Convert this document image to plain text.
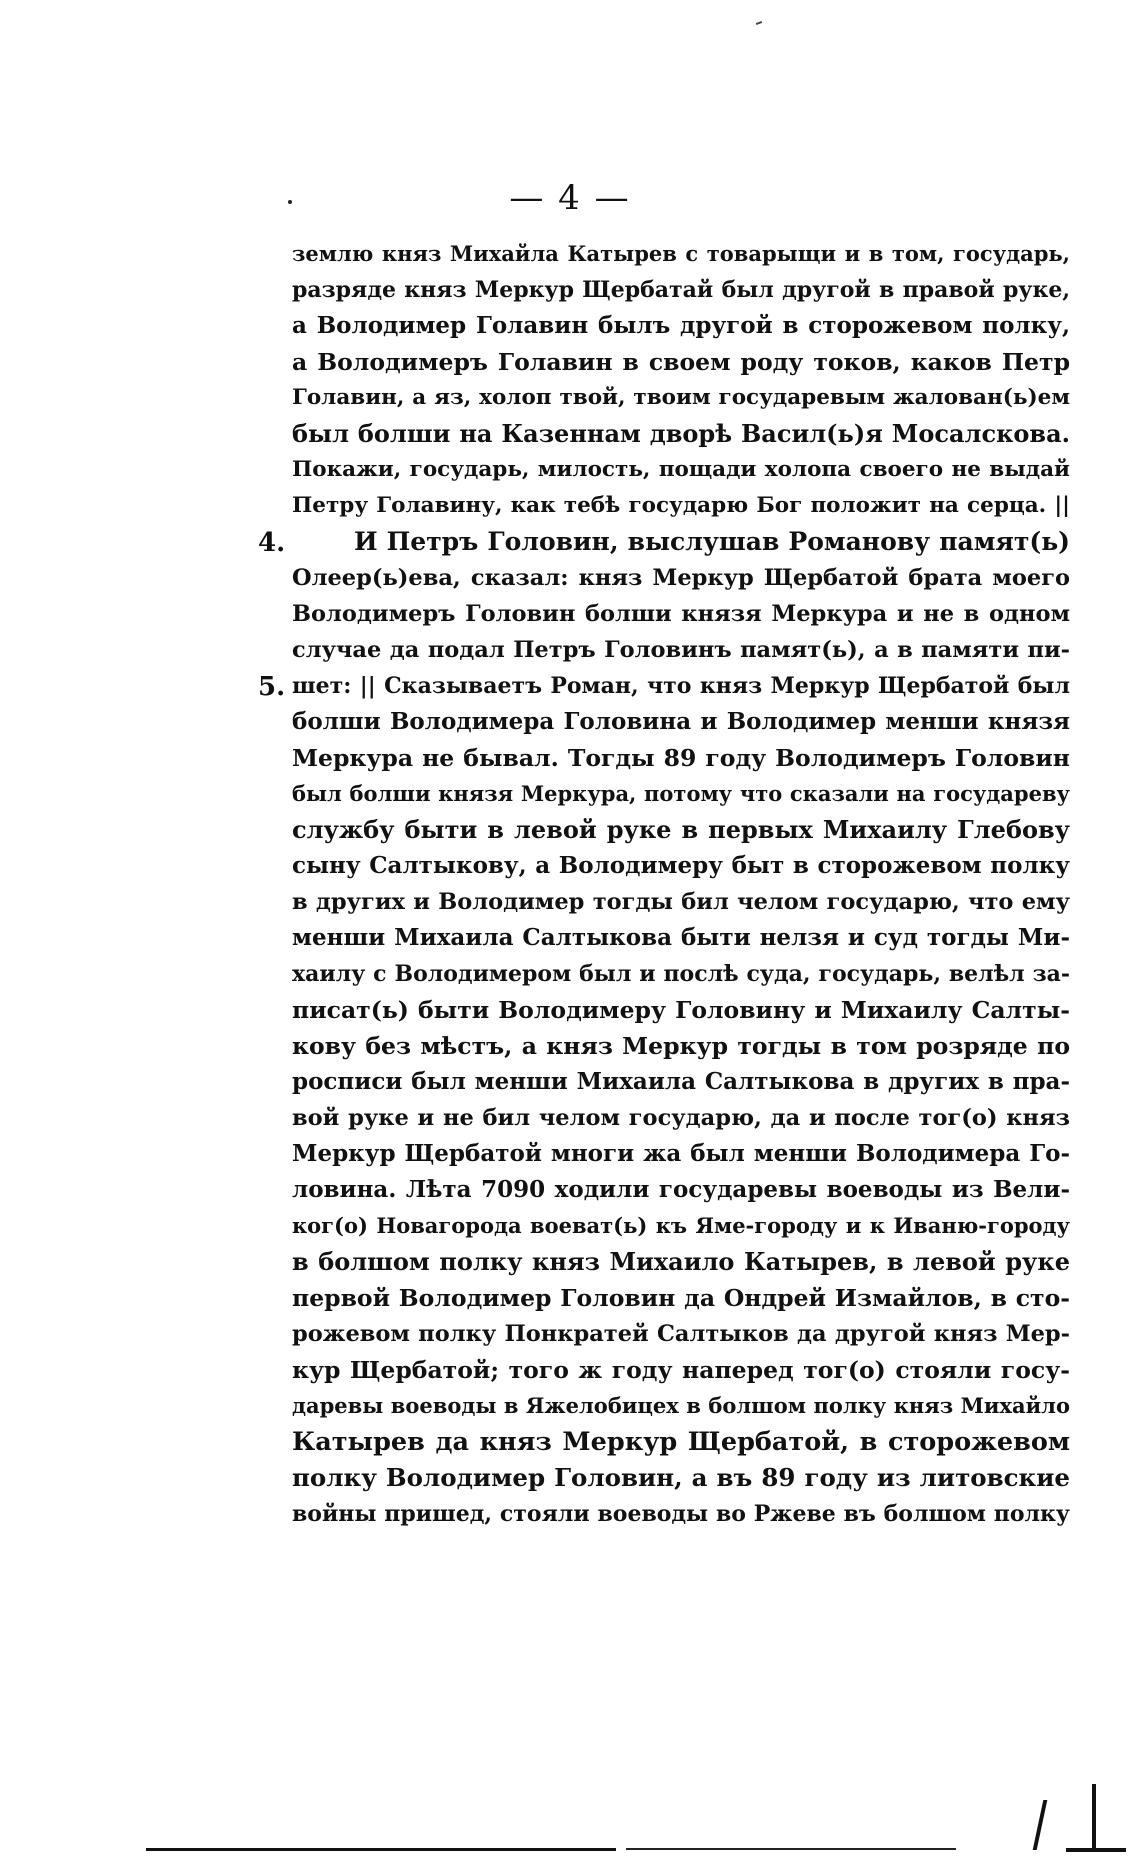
— 4 —
4.
5.
землю княз Михайла Катырев с товарыщи и в том, государь,
разряде княз Меркур Щербатай был другой в правой руке,
а Володимер Голавин былъ другой в сторожевом полку,
а Володимеръ Голавин в своем роду токов, каков Петр
Голавин, а яз, холоп твой, твоим государевым жалован(ь)ем
был болши на Казеннам дворѣ Васил(ь)я Мосалскова.
Покажи, государь, милость, пощади холопа своего не выдай
Петру Голавину, как тебѣ государю Бог положит на серца. ||
И Петръ Головин, выслушав Романову памят(ь)
Олеер(ь)ева, сказал: княз Меркур Щербатой брата моего
Володимеръ Головин болши князя Меркура и не в одном
случае да подал Петръ Головинъ памят(ь), а в памяти пи-
шет: || Сказываетъ Роман, что княз Меркур Щербатой был
болши Володимера Головина и Володимер менши князя
Меркура не бывал. Тогды 89 году Володимеръ Головин
был болши князя Меркура, потому что сказали на государеву
службу быти в левой руке в первых Михаилу Глебову
сыну Салтыкову, а Володимеру быт в сторожевом полку
в других и Володимер тогды бил челом государю, что ему
менши Михаила Салтыкова быти нелзя и суд тогды Ми-
хаилу с Володимером был и послѣ суда, государь, велѣл за-
писат(ь) быти Володимеру Головину и Михаилу Салты-
кову без мѣстъ, а княз Меркур тогды в том розряде по
росписи был менши Михаила Салтыкова в других в пра-
вой руке и не бил челом государю, да и после тог(о) княз
Меркур Щербатой многи жа был менши Володимера Го-
ловина. Лѣта 7090 ходили государевы воеводы из Вели-
ког(о) Новагорода воеват(ь) къ Яме-городу и к Иваню-городу
в болшом полку княз Михаило Катырев, в левой руке
первой Володимер Головин да Ондрей Измайлов, в сто-
рожевом полку Понкратей Салтыков да другой княз Мер-
кур Щербатой; того ж году наперед тог(о) стояли госу-
даревы воеводы в Яжелобицех в болшом полку княз Михайло
Катырев да княз Меркур Щербатой, в сторожевом
полку Володимер Головин, а въ 89 году из литовские
войны пришед, стояли воеводы во Ржеве въ болшом полку
